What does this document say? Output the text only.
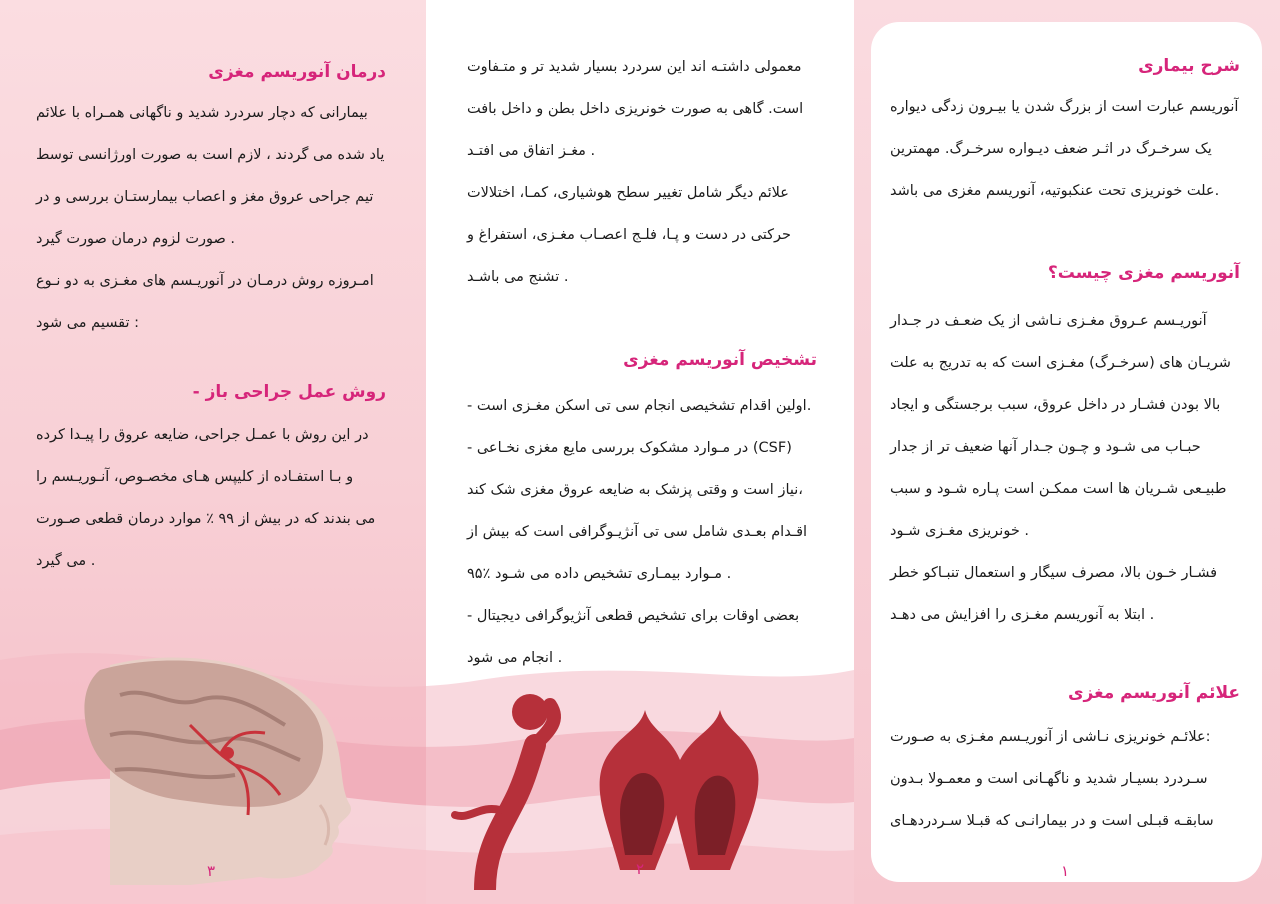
شرح بیماری
آنوریسم عبارت است از بزرگ شدن یا بیـرون زدگی دیواره
یک سرخـرگ در اثـر ضعف دیـواره سرخـرگ. مهمترین
علت خونریزی تحت عنکبوتیه، آنوریسم مغزی می باشد.
آنوریسم مغزی چیست؟
آنوریـسم عـروق مغـزی نـاشی از یک ضعـف در جـدار
شریـان های (سرخـرگ) مغـزی است که به تدریج به علت
بالا بودن فشـار در داخل عروق، سبب برجستگی و ایجاد
حبـاب می شـود و چـون جـدار آنها ضعیف تر از جدار
طبیـعی شـریان ها است ممکـن است پـاره شـود و سبب
خونریزی مغـزی شـود .
فشـار خـون بالا، مصرف سیگار و استعمال تنبـاکو خطر
ابتلا به آنوریسم مغـزی را افزایش می دهـد .
علائم آنوریسم مغزی
علائـم خونریزی نـاشی از آنوریـسم مغـزی به صـورت:
سـردرد بسیـار شدید و ناگهـانی است و معمـولا بـدون
سابقـه قبـلی است و در بیمارانـی که قبـلا سـردردهـای
۱
معمولی داشتـه اند این سردرد بسیار شدید تر و متـفاوت
است. گاهی به صورت خونریزی داخل بطن و داخل بافت
مغـز اتفاق می افتـد .
علائم دیگر شامل تغییر سطح هوشیاری، کمـا، اختلالات
حرکتی در دست و پـا، فلـج اعصـاب مغـزی، استفراغ و
تشنج می باشـد .
تشخیص آنوریسم مغزی
- اولین اقدام تشخیصی انجام سی تی اسکن مغـزی است.
- در مـوارد مشکوک بررسی مایع مغزی نخـاعی (CSF)
نیاز است و وقتی پزشک به ضایعه عروق مغزی شک کند،
اقـدام بعـدی شامل سی تی آنژیـوگرافی است که بیش از
۹۵٪ مـوارد بیمـاری تشخیص داده می شـود .
- بعضی اوقات برای تشخیص قطعی آنژیوگرافی دیجیتال
انجام می شود .
۲
درمان آنوریسم مغزی
بیمارانی که دچار سردرد شدید و ناگهانی همـراه با علائم
یاد شده می گردند ، لازم است به صورت اورژانسی توسط
تیم جراحی عروق مغز و اعصاب بیمارستـان بررسی و در
صورت لزوم درمان صورت گیرد .
امـروزه روش درمـان در آنوریـسم های مغـزی به دو نـوع
تقسیم می شود :
- روش عمل جراحی باز
در این روش با عمـل جراحی، ضایعه عروق را پیـدا کرده
و بـا استفـاده از کلیپس هـای مخصـوص، آنـوریـسم را
می بندند که در بیش از ۹۹ ٪ موارد درمان قطعی صـورت
می گیرد .
۳
